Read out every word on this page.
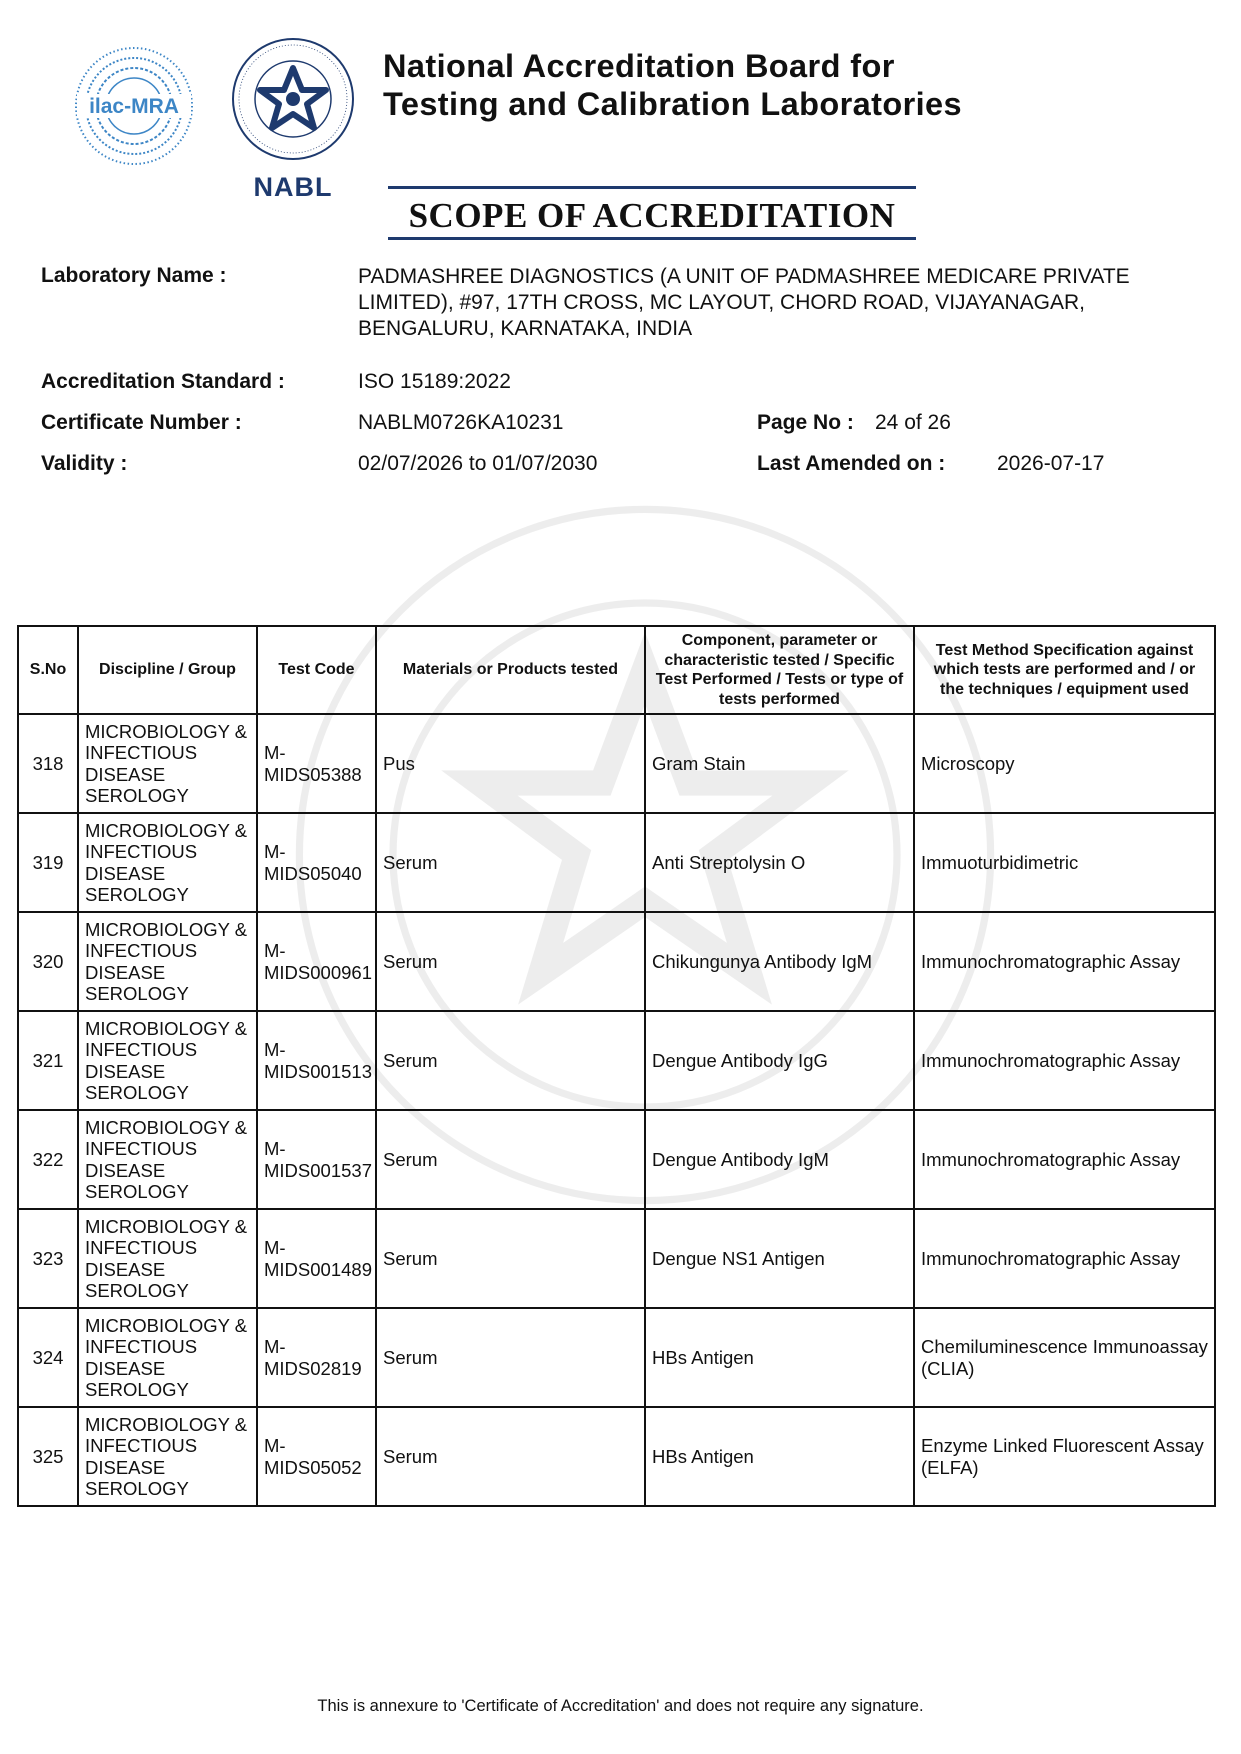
ilac-MRA
NABL
National Accreditation Board for
Testing and Calibration Laboratories
SCOPE OF ACCREDITATION
Laboratory Name :	PADMASHREE DIAGNOSTICS (A UNIT OF PADMASHREE MEDICARE PRIVATE LIMITED), #97, 17TH CROSS, MC LAYOUT, CHORD ROAD, VIJAYANAGAR, BENGALURU, KARNATAKA, INDIA
Accreditation Standard :	ISO 15189:2022
Certificate Number :	NABLM0726KA10231	Page No : 24 of 26
Validity :	02/07/2026 to 01/07/2030	Last Amended on : 2026-07-17
S.No	Discipline / Group	Test Code	Materials or Products tested	Component, parameter or characteristic tested / Specific Test Performed / Tests or type of tests performed	Test Method Specification against which tests are performed and / or the techniques / equipment used
318	MICROBIOLOGY & INFECTIOUS DISEASE SEROLOGY	M-MIDS05388	Pus	Gram Stain	Microscopy
319	MICROBIOLOGY & INFECTIOUS DISEASE SEROLOGY	M-MIDS05040	Serum	Anti Streptolysin O	Immuoturbidimetric
320	MICROBIOLOGY & INFECTIOUS DISEASE SEROLOGY	M-MIDS000961	Serum	Chikungunya Antibody IgM	Immunochromatographic Assay
321	MICROBIOLOGY & INFECTIOUS DISEASE SEROLOGY	M-MIDS001513	Serum	Dengue Antibody IgG	Immunochromatographic Assay
322	MICROBIOLOGY & INFECTIOUS DISEASE SEROLOGY	M-MIDS001537	Serum	Dengue Antibody IgM	Immunochromatographic Assay
323	MICROBIOLOGY & INFECTIOUS DISEASE SEROLOGY	M-MIDS001489	Serum	Dengue NS1 Antigen	Immunochromatographic Assay
324	MICROBIOLOGY & INFECTIOUS DISEASE SEROLOGY	M-MIDS02819	Serum	HBs Antigen	Chemiluminescence Immunoassay (CLIA)
325	MICROBIOLOGY & INFECTIOUS DISEASE SEROLOGY	M-MIDS05052	Serum	HBs Antigen	Enzyme Linked Fluorescent Assay (ELFA)
This is annexure to 'Certificate of Accreditation' and does not require any signature.
